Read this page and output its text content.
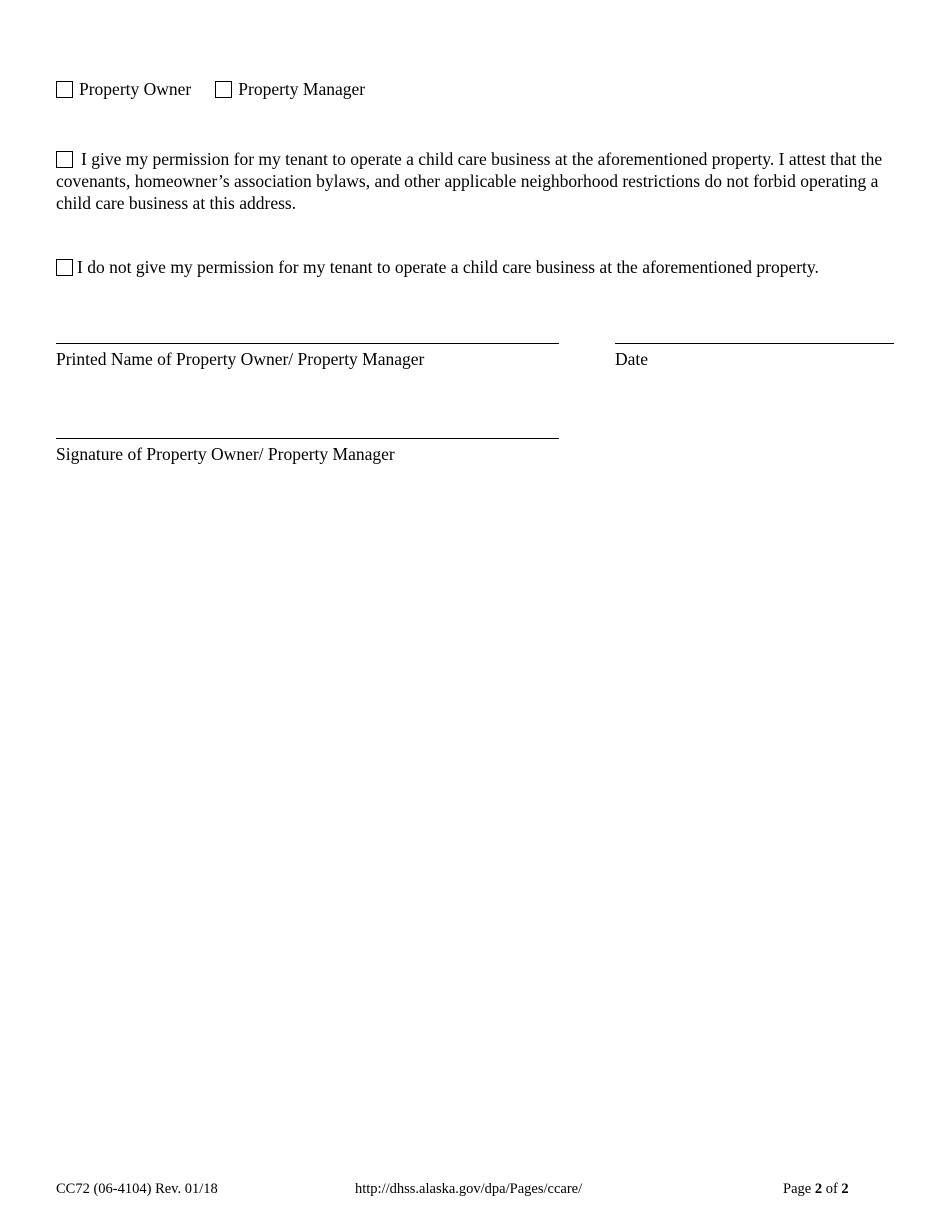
Property Owner	Property Manager
I give my permission for my tenant to operate a child care business at the aforementioned property. I attest that the covenants, homeowner’s association bylaws, and other applicable neighborhood restrictions do not forbid operating a child care business at this address.
I do not give my permission for my tenant to operate a child care business at the aforementioned property.
Printed Name of Property Owner/ Property Manager	Date
Signature of Property Owner/ Property Manager
CC72 (06-4104) Rev. 01/18	http://dhss.alaska.gov/dpa/Pages/ccare/	Page 2 of 2
